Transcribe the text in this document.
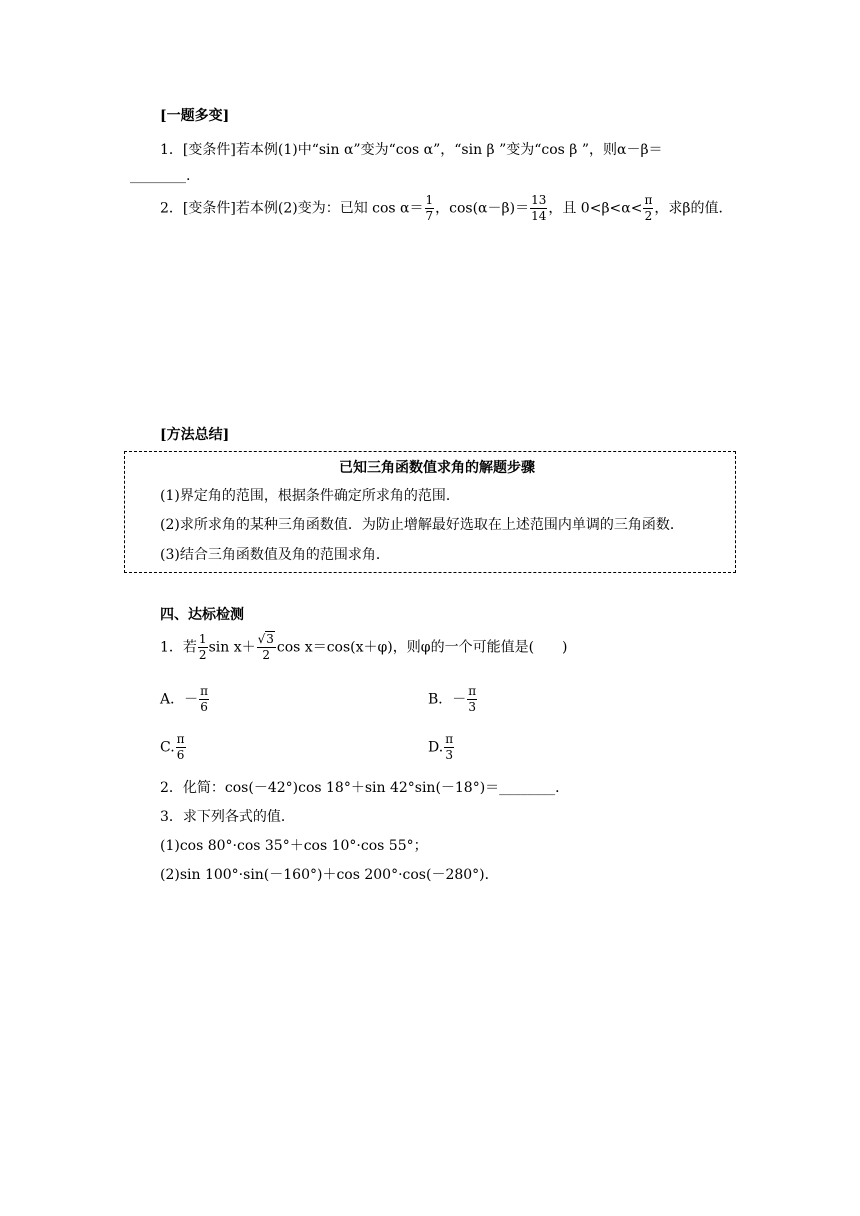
[一题多变]
1．[变条件]若本例(1)中“sin α”变为“cos α”，“sin β ”变为“cos β ”，则α－β＝
________.
2．[变条件]若本例(2)变为：已知 $\cos \alpha= \frac{1}{7}$ ，$\cos(\alpha-\beta)= \frac{13}{14}$ ，且 $0<\beta<\alpha< \frac{\pi}{2}$ ，求β的值．
[方法总结]
已知三角函数值求角的解题步骤
(1)界定角的范围，根据条件确定所求角的范围．
(2)求所求角的某种三角函数值．为防止增解最好选取在上述范围内单调的三角函数．
(3)结合三角函数值及角的范围求角．
四、达标检测
1．若 $\frac{1}{2}$ $\sin x+ \frac{√3}{2}$ cos x＝cos(x＋φ)，则φ的一个可能值是(　　)
A．－ $\frac{\pi}{6}$	B．－ $\frac{\pi}{3}$
C. $\frac{\pi}{6}$	D. $\frac{\pi}{3}$
2．化简：cos(－42°)cos 18°＋sin 42°sin(－18°)＝________．
3．求下列各式的值．
(1)cos 80°·cos 35°＋cos 10°·cos 55°；
(2)sin 100°·sin(－160°)＋cos 200°·cos(－280°)．
